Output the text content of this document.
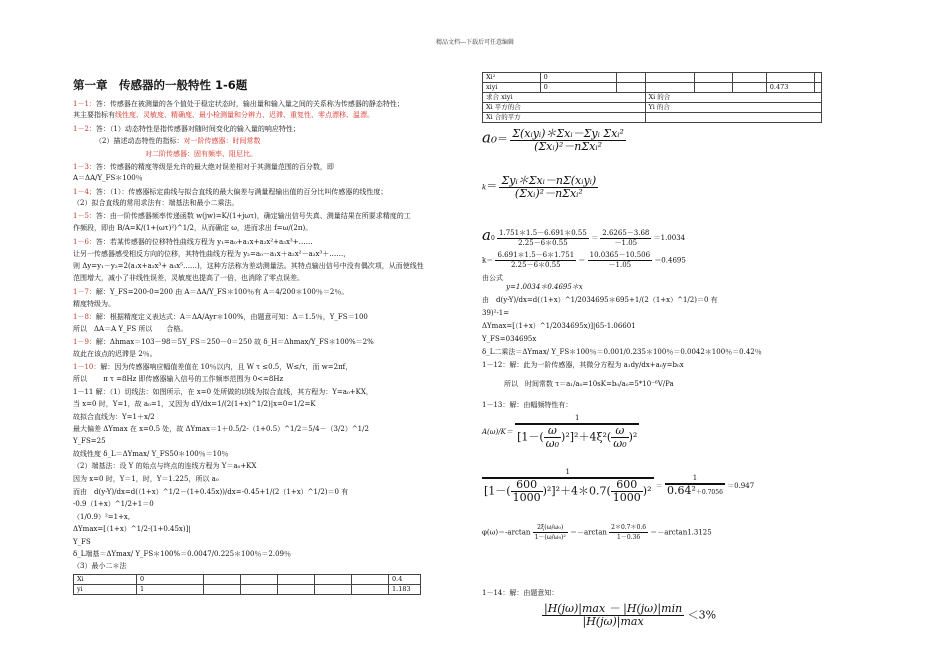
精品文档---下载后可任意编辑
第一章　传感器的一般特性 1-6题
1－1：答：传感器在被测量的各个值处于稳定状态时，输出量和输入量之间的关系称为传感器的静态特性；
其主要指标有线性度、灵敏度、精确度、最小检测量和分辨力、迟滞、重复性、零点漂移、温漂。
1－2：答：（1）动态特性是指传感器对随时间变化的输入量的响应特性；
（2）描述动态特性的指标：对一阶传感器：时间常数
对二阶传感器：固有频率、阻尼比。
1－3：答：传感器的精度等级是允许的最大绝对误差相对于其测量范围的百分数，即
A＝ΔA/Y_FS＊100％
1－4；答：（1）：传感器标定曲线与拟合直线的最大偏差与满量程输出值的百分比叫传感器的线性度；
（2）拟合直线的常用求法有：端基法和最小二乘法。
1－5：答：由一阶传感器频率传递函数 w(jw)=K/(1+jωτ)，确定输出信号失真、测量结果在所要求精度的工
作频段，即由 B/A=K/(1+(ωτ)²)^1/2，从而确定 ω，进而求出 f=ω/(2π)。
1－6：答：若某传感器的位移特性曲线方程为 y₁=a₀+a₁x+a₂x²+a₃x³+……
让另一传感器感受相反方向的位移，其特性曲线方程为 y₂=a₀－a₁x＋a₂x²－a₃x³＋……，
则 Δy=y₁－y₂=2(a₁x+a₃x³+ a₅x⁵……)，这种方法称为差动测量法。其特点输出信号中没有偶次项，从而使线性
范围增大，减小了非线性误差，灵敏度也提高了一倍，也消除了零点误差。
1－7：解：Y_FS=200-0=200 由 A＝ΔA/Y_FS＊100％有 A＝4/200＊100％＝2％。
精度特级为。
1－8：解：根据精度定义表达式：A＝ΔA/Ayr＊100%，由题意可知：Δ＝1.5％，Y_FS＝100
所以　ΔA＝A Y_FS 所以　　合格。
1－9：解：Δhmax＝103－98＝5Y_FS＝250－0＝250 故 δ_H＝Δhmax/Y_FS＊100%＝2%
故此在该点的迟滞是 2％。
1－10：解：因为传感器响应幅值差值在 10％以内，且 W τ ≤0.5，W≤/τ，而 w=2πf，
所以　　 π τ =8Hz 即传感器输入信号的工作频率范围为 0<=8Hz
1－11 解：（1）切线法：如图所示，在 x=0 处所做的切线为拟合直线，其方程为：Y=a₀+KX，
当 x=0 时，Y=1，故 a₀=1，又因为 dY/dx=1/(2(1+x)^1/2)|x=0=1/2=K
故拟合直线为：Y=1＋x/2
最大偏差 ΔYmax 在 x=0.5 处，故 ΔYmax＝1＋0.5/2-（1+0.5）^1/2＝5/4－（3/2）^1/2
Y_FS=25
故线性度 δ_L＝ΔYmax/ Y_FS50＊100％＝10％
（2）端基法：设 Y 的始点与终点的连线方程为 Y＝a₀+KX
因为 x=0 时，Y＝1，时，Y＝1.225，所以 a₀
而由　d(y-Y)/dx=d(（1+x）^1/2－(1+0.45x))/dx=-0.45+1/(2（1+x）^1/2)＝0 有
-0.9（1+x）^1/2+1＝0
（1/0.9）²=1+x,
ΔYmax=[（1+x）^1/2-(1+0.45x)]|
Y_FS
δ_L端基＝ΔYmax/ Y_FS＊100%＝0.0047/0.225＊100％＝2.09％
（3）最小二＊法
Xi	0						0.4
yi	1						1.183
Xi²	0						
xiyi	0					0.473	
求合 xiyi			Xi 的合				
Xi 平方的合			Yi 的合				
Xi 合的平方							
$a_0= \frac{\text{Σ(xᵢyᵢ)＊Σxᵢ－Σyᵢ Σxᵢ²}}{\text{(Σxᵢ)²－nΣxᵢ²}}$
$k= \frac{\text{Σyᵢ＊Σxᵢ－nΣ(xᵢyᵢ)}}{\text{(Σxᵢ)²－nΣxᵢ²}}$
$a0 \frac{1.751*1.5-6.691*0.55}{2.25-6*0.55} = \frac{2.6265-3.68}{-1.05} =1.0034$
$k= \frac{6.691*1.5-6*1.751}{2.25-6*0.55} = \frac{10.0365-10.506}{-1.05} =0.4695$
由公式
y=1.0034＊0.4695＊x
由　d(y-Y)/dx=d(（1+x）^1/2034695＊695+1/(2（1+x）^1/2)＝0 有
39)²-1=
ΔYmax=[（1+x）^1/2034695x)]|65-1.06601
Y_FS=034695x
δ_L二乘法＝ΔYmax/ Y_FS＊100％＝0.001/0.235＊100％＝0.0042＊100％＝0.42％
1－12：解：此为一阶传感器，其微分方程为 a₁dy/dx+a₀y=b₀x
所以　时间常数 τ＝a₁/a₀=10sK=b₀/a₀=5*10⁻⁶V/Pa
1－13：解：由幅频特性有：
$A(\omega)/K= \frac{1}{[1-( \frac{\omega}{\text{ω₀}} )^2]^2+4\xi^2( \frac{\omega}{\text{ω₀}} )^2}$
$\frac{1}{[1-( \frac{600}{1000} )^2]^2+4*0.7( \frac{600}{1000} )^2} = \frac{1}{\text{0.64²＋0.7056}} =0.947$
$\varphi(\omega)=-\arctan \frac{\text{2ξ(ω/ω₀)}}{\text{1－(ω/ω₀)²}} =-\arctan \frac{2*0.7*0.6}{1-0.36} =-\arctan 1.3125$
1－14：解：由题意知：
$\frac{|H(j\omega)|\max - |H(j\omega)|\min}{|H(j\omega)|\max} <3\%$
